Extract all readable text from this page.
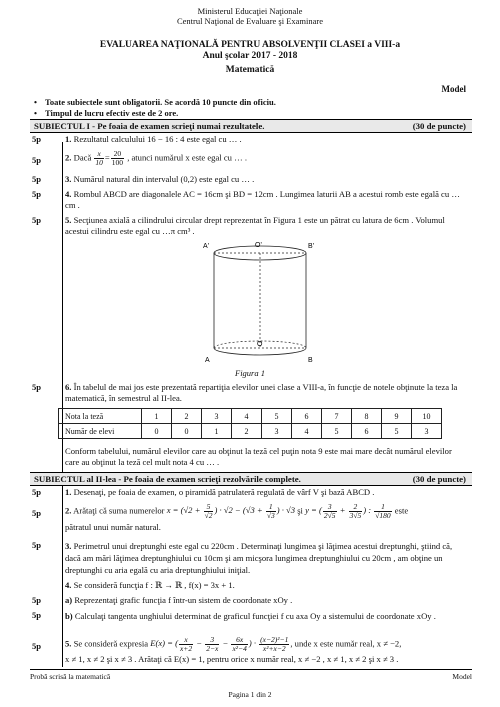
Ministerul Educaţiei Naţionale
Centrul Naţional de Evaluare şi Examinare
EVALUAREA NAŢIONALĂ PENTRU ABSOLVENŢII CLASEI a VIII-a
Anul şcolar 2017 - 2018
Matematică
Model
• Toate subiectele sunt obligatorii. Se acordă 10 puncte din oficiu.
• Timpul de lucru efectiv este de 2 ore.
SUBIECTUL I - Pe foaia de examen scrieţi numai rezultatele.	(30 de puncte)
5p	1. Rezultatul calculului 16 − 16 : 4 este egal cu … .
5p	2. Dacă $\frac{x}{10} = \frac{20}{100}$ , atunci numărul x este egal cu … .
5p	3. Numărul natural din intervalul (0,2) este egal cu … .
5p	4. Rombul ABCD are diagonalele AC = 16cm şi BD = 12cm . Lungimea laturii AB a acestui romb este egală cu …cm .
5p	5. Secţiunea axială a cilindrului circular drept reprezentat în Figura 1 este un pătrat cu latura de 6cm . Volumul acestui cilindru este egal cu …π cm³ .
A'	O'	B'
A
O
B
Figura 1
5p	6. În tabelul de mai jos este prezentată repartiţia elevilor unei clase a VIII-a, în funcţie de notele obţinute la teza la matematică, în semestrul al II-lea.
Nota la teză	1	2	3	4	5	6	7	8	9	10
Număr de elevi	0	0	1	2	3	4	5	6	5	3
Conform tabelului, numărul elevilor care au obţinut la teză cel puţin nota 9 este mai mare decât numărul elevilor care au obţinut la teză cel mult nota 4 cu … .
SUBIECTUL al II-lea - Pe foaia de examen scrieţi rezolvările complete.	(30 de puncte)
5p	1. Desenaţi, pe foaia de examen, o piramidă patrulateră regulată de vârf V şi bază ABCD .
5p	2. Arătaţi că suma numerelor $x = (√2 + \frac{5}{√2}$ ) · $√2 - (√3 + \frac{1}{√3}$ ) · √3 şi y = ( $\frac{3}{2√5} + \frac{2}{3√5}$ ) : $\frac{1}{√180}$ este
pătratul unui număr natural.
5p	3. Perimetrul unui dreptunghi este egal cu 220cm . Determinaţi lungimea şi lăţimea acestui dreptunghi, ştiind că, dacă am mări lăţimea dreptunghiului cu 10cm şi am micşora lungimea dreptunghiului cu 20cm , am obţine un dreptunghi cu aria egală cu aria dreptunghiului iniţial.
4. Se consideră funcţia f : ℝ → ℝ , f(x) = 3x + 1.
5p	a) Reprezentaţi grafic funcţia f într-un sistem de coordonate xOy .
5p	b) Calculaţi tangenta unghiului determinat de graficul funcţiei f cu axa Oy a sistemului de coordonate xOy .
5p	5. Se consideră expresia E(x) = ( $\frac{x}{x+2} - \frac{3}{2-x} - \frac{6x}{\text{x²−4}}$ ) · $\frac{\text{(x−2)²−1}}{\text{x²+x−2}}$ , unde x este număr real, x ≠ −2,
x ≠ 1, x ≠ 2 şi x ≠ 3 . Arătaţi că E(x) = 1, pentru orice x număr real, x ≠ −2 , x ≠ 1, x ≠ 2 şi x ≠ 3 .
Probă scrisă la matematică	Model
Pagina 1 din 2
